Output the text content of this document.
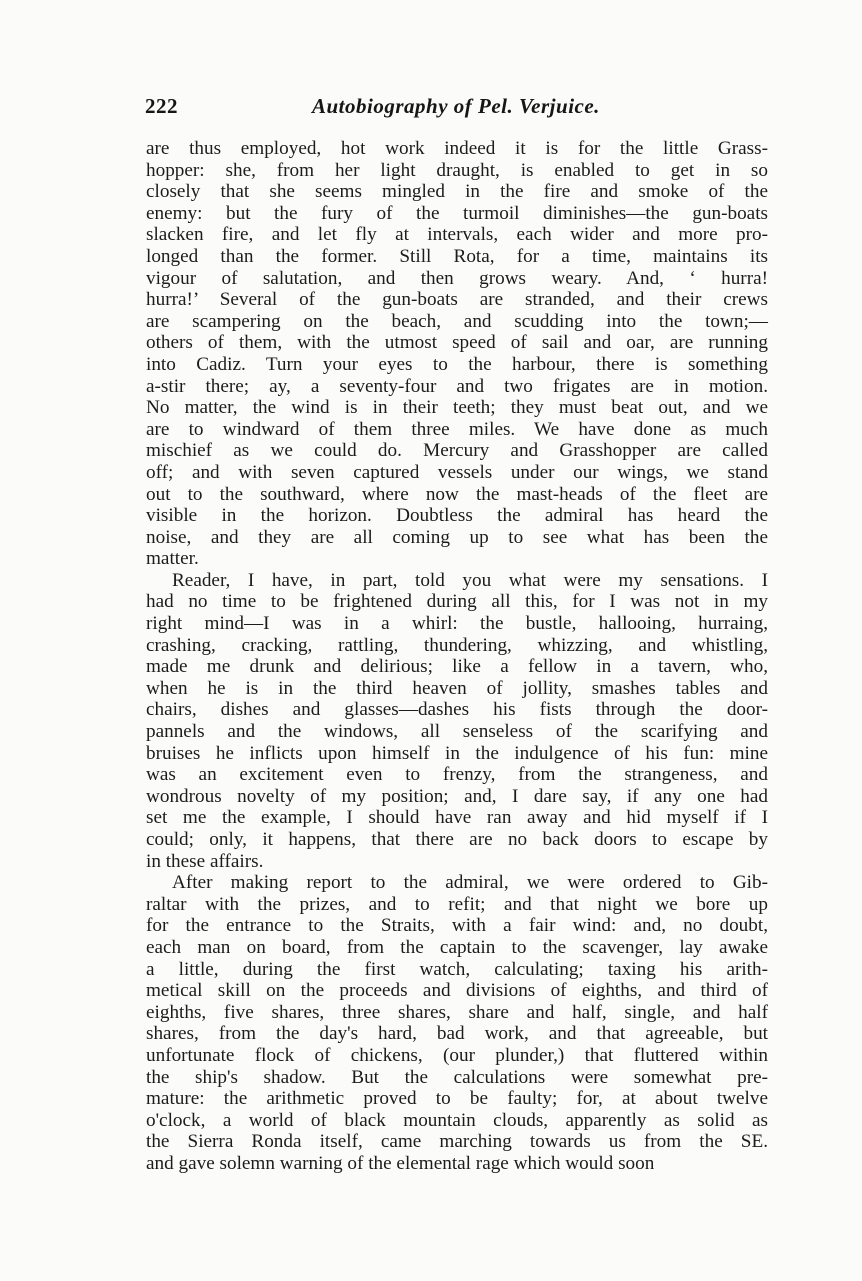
222	Autobiography of Pel. Verjuice.
are thus employed, hot work indeed it is for the little Grass-
hopper: she, from her light draught, is enabled to get in so
closely that she seems mingled in the fire and smoke of the
enemy: but the fury of the turmoil diminishes—the gun-boats
slacken fire, and let fly at intervals, each wider and more pro-
longed than the former. Still Rota, for a time, maintains its
vigour of salutation, and then grows weary. And, ‘ hurra!
hurra!’ Several of the gun-boats are stranded, and their crews
are scampering on the beach, and scudding into the town;—
others of them, with the utmost speed of sail and oar, are running
into Cadiz. Turn your eyes to the harbour, there is something
a-stir there; ay, a seventy-four and two frigates are in motion.
No matter, the wind is in their teeth; they must beat out, and we
are to windward of them three miles. We have done as much
mischief as we could do. Mercury and Grasshopper are called
off; and with seven captured vessels under our wings, we stand
out to the southward, where now the mast-heads of the fleet are
visible in the horizon. Doubtless the admiral has heard the
noise, and they are all coming up to see what has been the
matter.
Reader, I have, in part, told you what were my sensations. I
had no time to be frightened during all this, for I was not in my
right mind—I was in a whirl: the bustle, hallooing, hurraing,
crashing, cracking, rattling, thundering, whizzing, and whistling,
made me drunk and delirious; like a fellow in a tavern, who,
when he is in the third heaven of jollity, smashes tables and
chairs, dishes and glasses—dashes his fists through the door-
pannels and the windows, all senseless of the scarifying and
bruises he inflicts upon himself in the indulgence of his fun: mine
was an excitement even to frenzy, from the strangeness, and
wondrous novelty of my position; and, I dare say, if any one had
set me the example, I should have ran away and hid myself if I
could; only, it happens, that there are no back doors to escape by
in these affairs.
After making report to the admiral, we were ordered to Gib-
raltar with the prizes, and to refit; and that night we bore up
for the entrance to the Straits, with a fair wind: and, no doubt,
each man on board, from the captain to the scavenger, lay awake
a little, during the first watch, calculating; taxing his arith-
metical skill on the proceeds and divisions of eighths, and third of
eighths, five shares, three shares, share and half, single, and half
shares, from the day's hard, bad work, and that agreeable, but
unfortunate flock of chickens, (our plunder,) that fluttered within
the ship's shadow. But the calculations were somewhat pre-
mature: the arithmetic proved to be faulty; for, at about twelve
o'clock, a world of black mountain clouds, apparently as solid as
the Sierra Ronda itself, came marching towards us from the SE.
and gave solemn warning of the elemental rage which would soon
